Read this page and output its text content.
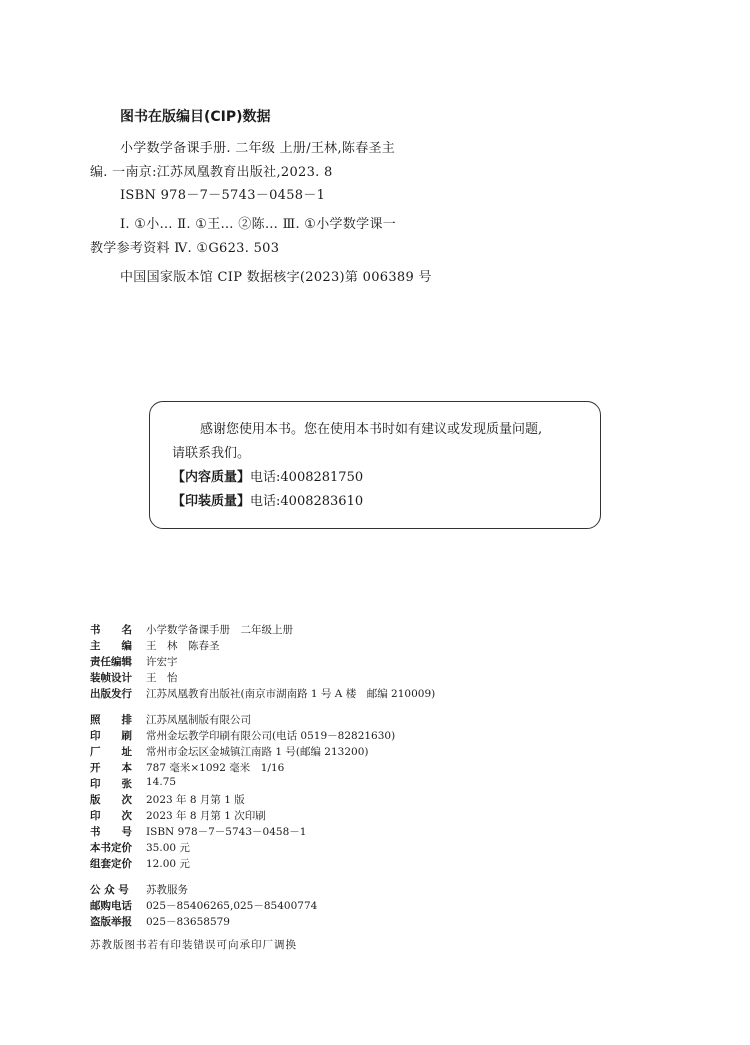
图书在版编目(CIP)数据
小学数学备课手册. 二年级 上册/王林,陈春圣主
编. 一南京:江苏凤凰教育出版社,2023. 8
ISBN 978－7－5743－0458－1
Ⅰ. ①小… Ⅱ. ①王… ②陈… Ⅲ. ①小学数学课一
教学参考资料 Ⅳ. ①G623. 503
中国国家版本馆 CIP 数据核字(2023)第 006389 号
感谢您使用本书。您在使用本书时如有建议或发现质量问题,
请联系我们。
【内容质量】电话:4008281750
【印装质量】电话:4008283610
书　　名	小学数学备课手册　二年级上册
主　　编	王　林　陈春圣
责任编辑	许宏宇
装帧设计	王　怡
出版发行	江苏凤凰教育出版社(南京市湖南路 1 号 A 楼　邮编 210009)
照　　排	江苏凤凰制版有限公司
印　　刷	常州金坛教学印刷有限公司(电话 0519－82821630)
厂　　址	常州市金坛区金城镇江南路 1 号(邮编 213200)
开　　本	787 毫米×1092 毫米　1/16
印　　张	14.75
版　　次	2023 年 8 月第 1 版
印　　次	2023 年 8 月第 1 次印刷
书　　号	ISBN 978－7－5743－0458－1
本书定价	35.00 元
组套定价	12.00 元
公 众 号	苏教服务
邮购电话	025－85406265,025－85400774
盗版举报	025－83658579
苏教版图书若有印装错误可向承印厂调换
